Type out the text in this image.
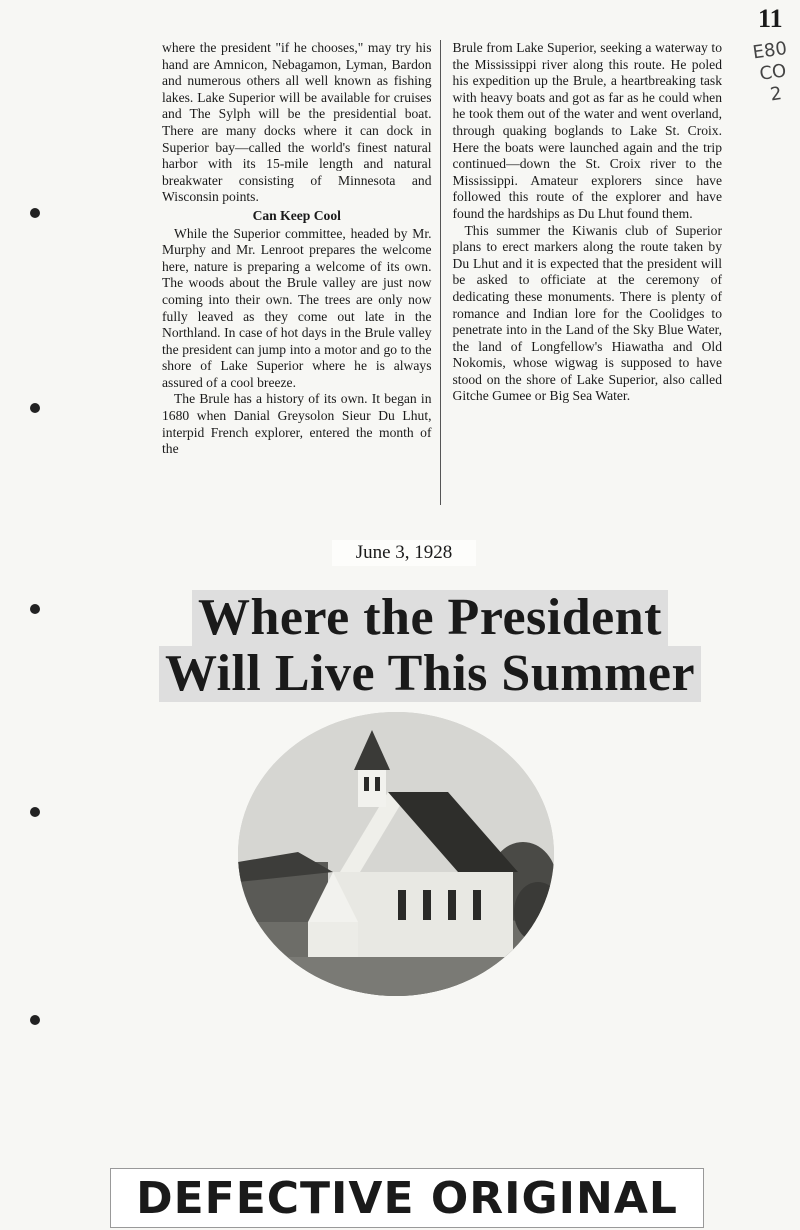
11
E80
CO
2

where the president "if he chooses," may try his hand are Amnicon, Nebagamon, Lyman, Bardon and numerous others all well known as fishing lakes. Lake Superior will be available for cruises and The Sylph will be the presidential boat. There are many docks where it can dock in Superior bay—called the world's finest natural harbor with its 15-mile length and natural breakwater consisting of Minnesota and Wisconsin points.

Can Keep Cool

While the Superior committee, headed by Mr. Murphy and Mr. Lenroot prepares the welcome here, nature is preparing a welcome of its own. The woods about the Brule valley are just now coming into their own. The trees are only now fully leaved as they come out late in the Northland. In case of hot days in the Brule valley the president can jump into a motor and go to the shore of Lake Superior where he is always assured of a cool breeze.

The Brule has a history of its own. It began in 1680 when Danial Greysolon Sieur Du Lhut, interpid French explorer, entered the month of the

Brule from Lake Superior, seeking a waterway to the Mississippi river along this route. He poled his expedition up the Brule, a heartbreaking task with heavy boats and got as far as he could when he took them out of the water and went overland, through quaking boglands to Lake St. Croix. Here the boats were launched again and the trip continued—down the St. Croix river to the Mississippi. Amateur explorers since have followed this route of the explorer and have found the hardships as Du Lhut found them.

This summer the Kiwanis club of Superior plans to erect markers along the route taken by Du Lhut and it is expected that the president will be asked to officiate at the ceremony of dedicating these monuments. There is plenty of romance and Indian lore for the Coolidges to penetrate into in the Land of the Sky Blue Water, the land of Longfellow's Hiawatha and Old Nokomis, whose wigwag is supposed to have stood on the shore of Lake Superior, also called Gitche Gumee or Big Sea Water.

June 3, 1928
Where the President
Will Live This Summer
DEFECTIVE ORIGINAL
